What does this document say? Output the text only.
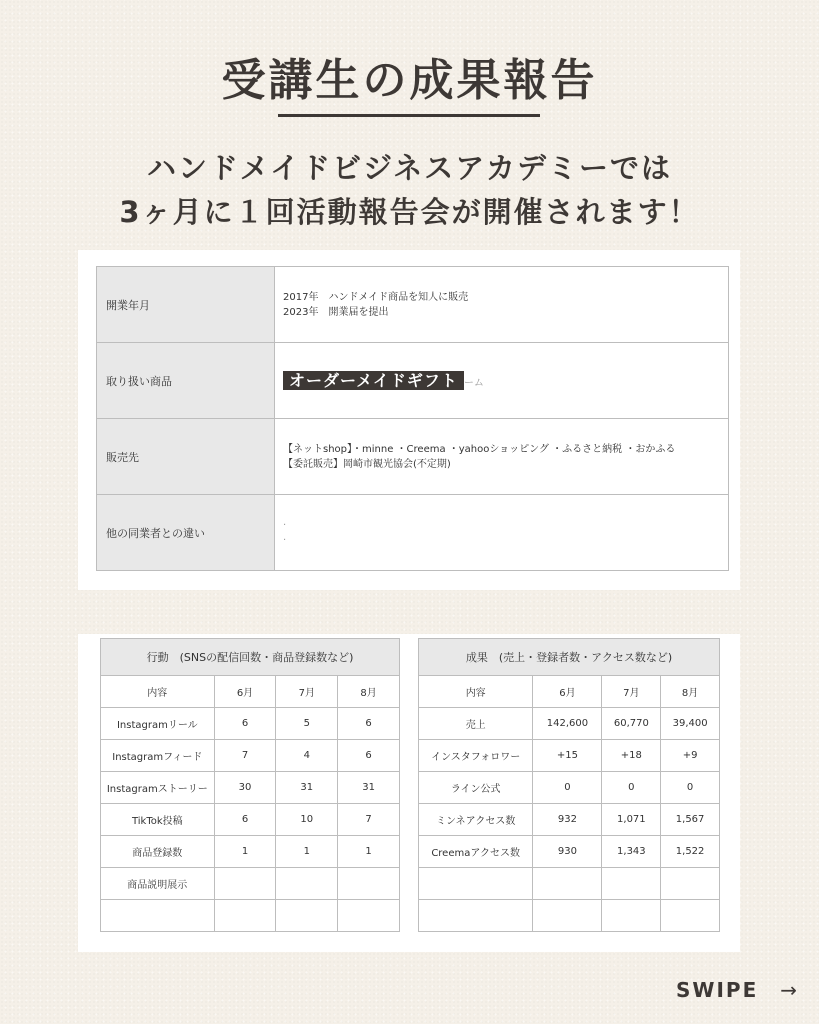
受講生の成果報告
ハンドメイドビジネスアカデミーでは
3ヶ月に１回活動報告会が開催されます！
開業年月	2017年　ハンドメイド商品を知人に販売
2023年　開業届を提出

取り扱い商品	オーダーメイドギフト ーム
販売先	【ネットshop】・minne ・Creema ・yahooショッピング ・ふるさと納税 ・おかふる
【委託販売】岡崎市観光協会(不定期)

他の同業者との違い	·
·
行動　(SNSの配信回数・商品登録数など)			
内容	6月	7月	8月
Instagramリール	6	5	6
Instagramフィード	7	4	6
Instagramストーリー	30	31	31
TikTok投稿	6	10	7
商品登録数	1	1	1
商品説明展示			

成果　(売上・登録者数・アクセス数など)			
内容	6月	7月	8月
売上	142,600	60,770	39,400
インスタフォロワー	+15	+18	+9
ライン公式	0	0	0
ミンネアクセス数	932	1,071	1,567
Creemaアクセス数	930	1,343	1,522

SWIPE →
